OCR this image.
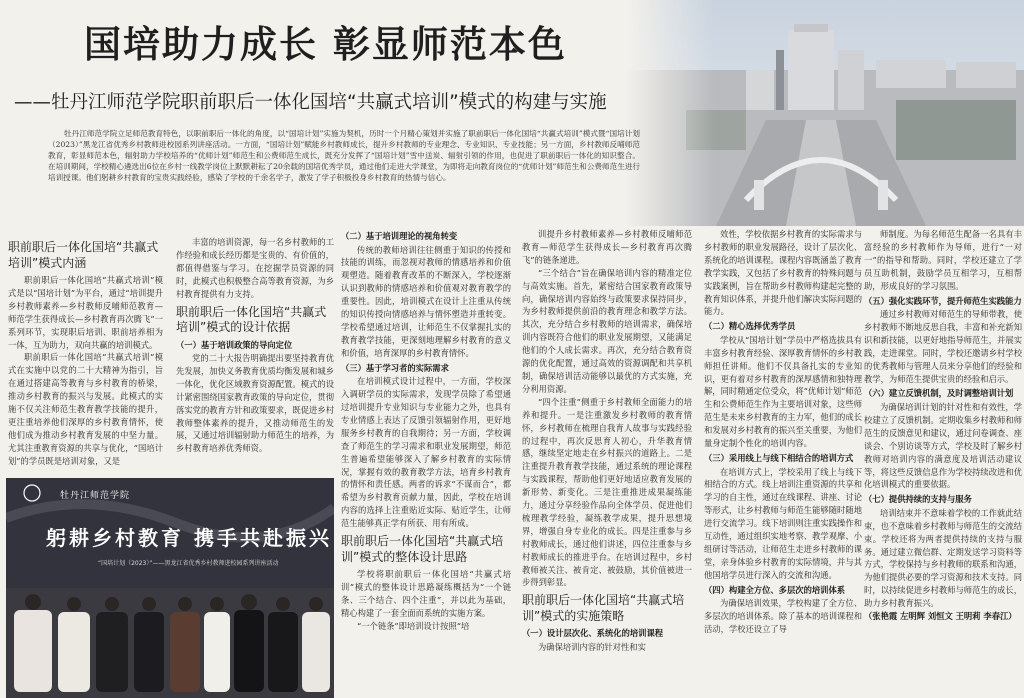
国培助力成长 彰显师范本色
——牡丹江师范学院职前职后一体化国培“共赢式培训”模式的构建与实施
牡丹江师范学院立足师范教育特色，以职前职后一体化的角度，以“国培计划”实施为契机，历时一个月精心策划并实施了职前职后一体化国培“共赢式培训”模式暨“国培计划（2023）”黑龙江省优秀乡村教师进校园系列讲座活动。一方面，“国培计划”赋能乡村教师成长，提升乡村教师的专业理念、专业知识、专业技能；另一方面，乡村教师反哺师范教育，彰显师范本色，辐射助力学校培养的“优师计划”师范生和公费师范生成长，既充分发挥了“国培计划”雪中送炭、辐射引领的作用，也促进了职前职后一体化的知识整合。在培训期间，学校精心遴选出6位在乡村一线教学岗位上默默耕耘了20余载的国培优秀学员，通过他们走进大学课堂，为即将走向教育岗位的“优师计划”师范生和公费师范生进行培训授课。他们躬耕乡村教育的宝贵实践经验，感染了学校的千余名学子，激发了学子积极投身乡村教育的热情与信心。
职前职后一体化国培“共赢式培训”模式内涵

职前职后一体化国培“共赢式培训”模式是以“国培计划”为平台，通过“培训提升乡村教师素养—乡村教师反哺师范教育—师范学生获得成长—乡村教育再次腾飞”一系列环节，实现职后培训、职前培养相为一体，互为助力，双向共赢的培训模式。

职前职后一体化国培“共赢式培训”模式在实施中以党的二十大精神为指引，旨在通过搭建高等教育与乡村教育的桥梁，推动乡村教育的振兴与发展。此模式的实施不仅关注师范生教育教学技能的提升，更注重培养他们深厚的乡村教育情怀，使他们成为推动乡村教育发展的中坚力量。尤其注重教育资源的共享与优化，“国培计划”的学员既是培训对象，又是

丰富的培训资源，每一名乡村教师的工作经验和成长经历都是宝贵的、有价值的，都值得借鉴与学习。在挖掘学员资源的同时，此模式也积极整合高等教育资源，为乡村教育提供有力支持。

职前职后一体化国培“共赢式培训”模式的设计依据
（一）基于培训政策的导向定位

党的二十大报告明确提出要坚持教育优先发展，加快义务教育优质均衡发展和城乡一体化，优化区域教育资源配置。模式的设计紧密围绕国家教育政策的导向定位，贯彻落实党的教育方针和政策要求，既促进乡村教师整体素养的提升，又推动师范生的发展，又通过培训辐射助力师范生的培养，为乡村教育培养优秀师资。

牡丹江师范学院
躬耕乡村教育 携手共赴振兴
“国培计划（2023）”——黑龙江省优秀乡村教师进校园系列讲座活动
（二）基于培训理论的视角转变

传统的教师培训往往侧重于知识的传授和技能的训练，而忽视对教师的情感培养和价值观塑造。随着教育改革的不断深入，学校逐渐认识到教师的情感培养和价值观对教育教学的重要性。因此，培训模式在设计上注重从传统的知识传授向情感培养与情怀塑造并重转变。学校希望通过培训，让师范生不仅掌握扎实的教育教学技能，更深刻地理解乡村教育的意义和价值，培育深厚的乡村教育情怀。

（三）基于学习者的实际需求

在培训模式设计过程中，一方面，学校深入调研学员的实际需求，发现学员除了希望通过培训提升专业知识与专业能力之外，也具有专业情感上表达了反馈引领辐射作用，更好地服务乡村教育的自我期待；另一方面，学校调查了师范生的学习需求和职业发展期望，师范生普遍希望能够深入了解乡村教育的实际情况，掌握有效的教育教学方法，培育乡村教育的情怀和责任感。两者的诉求“不谋而合”，都希望为乡村教育贡献力量，因此，学校在培训内容的选择上注重贴近实际、贴近学生，让师范生能够真正学有所获、用有所成。

职前职后一体化国培“共赢式培训”模式的整体设计思路

学校将职前职后一体化国培“共赢式培训”模式的整体设计思路凝练概括为“一个链条、三个结合、四个注重”，并以此为基础，精心构建了一套全面而系统的实施方案。

“一个链条”即培训设计按照“培

训提升乡村教师素养—乡村教师反哺师范教育—师范学生获得成长—乡村教育再次腾飞”的链条递进。

“三个结合”旨在确保培训内容的精准定位与高效实施。首先，紧密结合国家教育政策导向，确保培训内容始终与政策要求保持同步，为乡村教师提供前沿的教育理念和教学方法。其次，充分结合乡村教师的培训需求，确保培训内容既符合他们的职业发展期望，又能满足他们的个人成长需求。再次，充分结合教育资源的优化配置，通过高效的资源调配和共享机制，确保培训活动能够以最优的方式实施，充分利用资源。

“四个注重”侧重于乡村教师全面能力的培养和提升。一是注重激发乡村教师的教育情怀，乡村教师在梳理自我育人故事与实践经验的过程中，再次反思育人初心，升华教育情感，继续坚定地走在乡村振兴的道路上。二是注重提升教育教学技能，通过系统的理论课程与实践课程，帮助他们更好地适应教育发展的新形势、新变化。三是注重推进成果凝练能力，通过分享经验作品向全体学员、促进他们梳理教学经验，凝练教学成果，提升思想境界，增强自身专业化的成长。四是注重参与乡村教师成长，通过他们讲述，四位注重参与乡村教师成长的推进乎台。在培训过程中，乡村教师被关注、被肯定、被鼓励，其价值被进一步得到彰显。

职前职后一体化国培“共赢式培训”模式的实施策略
（一）设计层次化、系统化的培训课程

为确保培训内容的针对性和实

效性，学校依据乡村教育的实际需求与乡村教师的职业发展路径，设计了层次化、系统化的培训课程。课程内容既涵盖了教育教学实践，又包括了乡村教育的特殊问题与实践案例，旨在帮助乡村教师构建起完整的教育知识体系，并提升他们解决实际问题的能力。

（二）精心选择优秀学员

学校从“国培计划”学员中严格选拔具有丰富乡村教育经验、深厚教育情怀的乡村教师担任讲师。他们不仅具备扎实的专业知识，更有着对乡村教育的深厚感情和独特理解，同时精通定位受众，将“优师计划”师范生和公费师范生作为主要培训对象，这些师范生是未来乡村教育的主力军，他们的成长和发展对乡村教育的振兴至关重要，为他们量身定制个性化的培训内容。

（三）采用线上与线下相结合的培训方式

在培训方式上，学校采用了线上与线下相结合的方式。线上培训注重资源的共享和学习的自主性，通过在线课程、讲座、讨论等形式，让乡村教师与师范生能够随时随地进行交流学习。线下培训则注重实践操作和互动性，通过组织实地考察、教学观摩、小组研讨等活动，让师范生走进乡村教师的课堂，亲身体验乡村教育的实际情境，并与其他国培学员进行深入的交流和沟通。

（四）构建全方位、多层次的培训体系

为确保培训效果，学校构建了全方位、多层次的培训体系。除了基本的培训课程和活动，学校还设立了导

师制度。为每名师范生配备一名具有丰富经验的乡村教师作为导师，进行“一对一”的指导和帮助。同时，学校还建立了学员互助机制，鼓励学员互相学习，互相帮助，形成良好的学习氛围。

（五）强化实践环节，提升师范生实践能力

通过乡村教师对师范生的导师带教，使乡村教师不断地反思自我，丰富和补充新知识和新技能，以更好地指导师范生，并展实践，走进课堂。同时，学校还邀请乡村学校的优秀教师与管理人员来分享他们的经验和教学，为师范生提供宝贵的经验和启示。

（六）建立反馈机制，及时调整培训计划

为确保培训计划的针对性和有效性，学校建立了反馈机制。定期收集乡村教师和师范生的反馈意见和建议，通过问卷调查、座谈会、个别访谈等方式，学校及时了解乡村教师对培训内容的满意度及培训活动建议等，将这些反馈信息作为学校持续改进和优化培训模式的重要依据。

（七）提供持续的支持与服务

培训结束并不意味着学校的工作就此结束，也不意味着乡村教师与师范生的交流结束。学校还将为两者提供持续的支持与服务。通过建立微信群、定期发送学习资料等方式，学校保持与乡村教师的联系和沟通，为他们提供必要的学习资源和技术支持。同时，以持续促进乡村教师与师范生的成长，助力乡村教育振兴。

（张艳霞 左明辉 刘恒文 王明莉 李春江）
